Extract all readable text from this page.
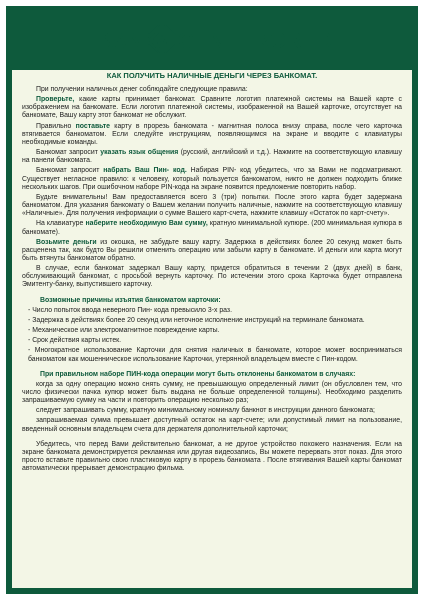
BANK CENTERCREDIT
КАК ПОЛУЧИТЬ НАЛИЧНЫЕ ДЕНЬГИ ЧЕРЕЗ БАНКОМАТ.

При получении наличных денег соблюдайте следующие правила:

Проверьте, какие карты принимает банкомат. Сравните логотип платежной системы на Вашей карте с изображением на банкомате. Если логотип платежной системы, изображенной на Вашей карточке, отсутствует на банкомате, Вашу карту этот банкомат не обслужит.

Правильно поставьте карту в прорезь банкомата - магнитная полоса внизу справа, после чего карточка втягивается банкоматом. Если следуйте инструкциям, появляющимся на экране и вводите с клавиатуры необходимые команды.

Банкомат запросит указать язык общения (русский, английский и т.д.). Нажмите на соответствующую клавишу на панели банкомата.

Банкомат запросит набрать Ваш Пин- код. Набирая PIN- код убедитесь, что за Вами не подсматривают. Существует негласное правило: к человеку, который пользуется банкоматом, никто не должен подходить ближе нескольких шагов. При ошибочном наборе PIN-кода на экране появится предложение повторить набор.

Будьте внимательны! Вам предоставляется всего 3 (три) попытки. После этого карта будет задержана банкоматом. Для указания банкомату о Вашем желании получить наличные, нажмите на соответствующую клавишу «Наличные». Для получения информации о сумме Вашего карт-счета, нажмите клавишу «Остаток по карт-счету».

На клавиатуре наберите необходимую Вам сумму, кратную минимальной купюре. (200 минимальная купюра в банкомате).

Возьмите деньги из окошка, не забудьте вашу карту. Задержка в действиях более 20 секунд может быть расценена так, как будто Вы решили отменить операцию или забыли карту в банкомате. И деньги или карта могут быть втянуты банкоматом обратно.

В случае, если банкомат задержал Вашу карту, придется обратиться в течении 2 (двух дней) в банк, обслуживающий банкомат, с просьбой вернуть карточку. По истечении этого срока Карточка будет отправлена Эмитенту-банку, выпустившего карточку.

Возможные причины изъятия банкоматом карточки:

- Число попыток ввода неверного Пин- кода превысило 3-х раз.

- Задержка в действиях более 20 секунд или неточное исполнение инструкций на терминале банкомата.

- Механическое или электромагнитное повреждение карты.

- Срок действия карты истек.

- Многократное использование Карточки для снятия наличных в банкомате, которое может восприниматься банкоматом как мошенническое использование Карточки, утерянной владельцем вместе с Пин-кодом.

При правильном наборе ПИН-кода операции могут быть отклонены банкоматом в случаях:

когда за одну операцию можно снять сумму, не превышающую определенный лимит (он обусловлен тем, что число физически пачка купюр может быть выдана не больше определенной толщины). Необходимо разделить запрашиваемую сумму на части и повторить операцию несколько раз;

следует запрашивать сумму, кратную минимальному номиналу банкнот в инструкции данного банкомата;

запрашиваемая сумма превышает доступный остаток на карт-счете; или допустимый лимит на пользование, введенный основным владельцем счета для держателя дополнительной карточки;

Убедитесь, что перед Вами действительно банкомат, а не другое устройство похожего назначения. Если на экране банкомата демонстрируется рекламная или другая видеозапись, Вы можете перервать этот показ. Для этого просто вставьте правильно свою пластиковую карту в прорезь банкомата . После втягивания Вашей карты банкомат автоматически прерывает демонстрацию фильма.
